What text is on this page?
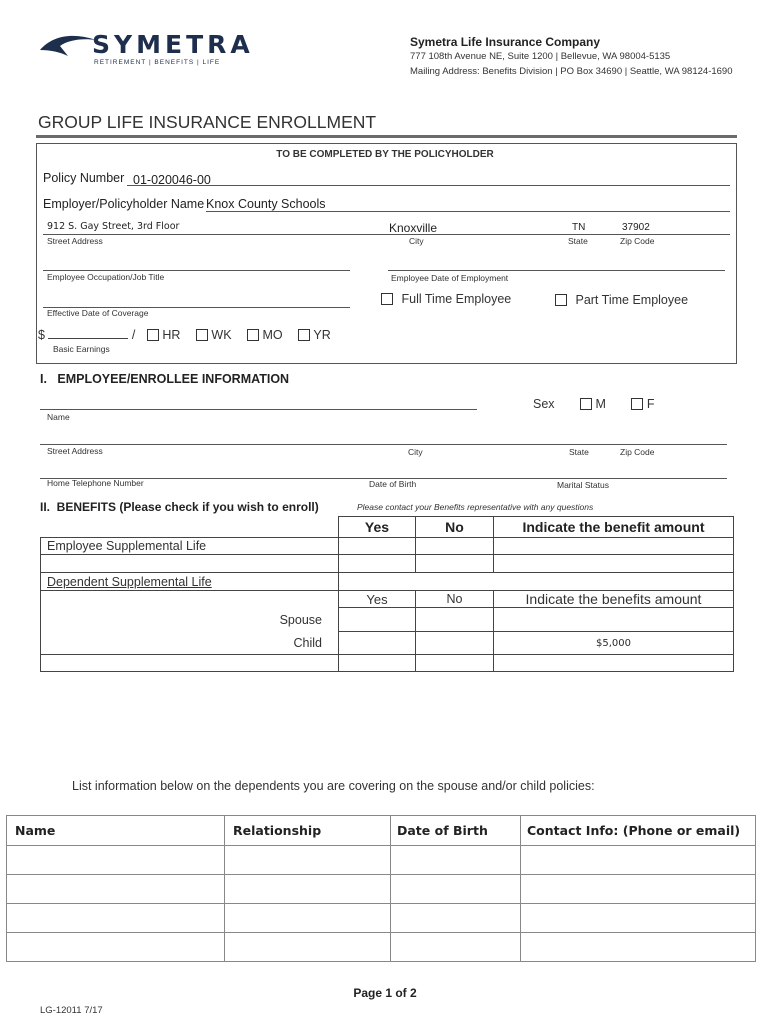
SYMETRA
RETIREMENT | BENEFITS | LIFE
Symetra Life Insurance Company
777 108th Avenue NE, Suite 1200 | Bellevue, WA 98004-5135
Mailing Address: Benefits Division | PO Box 34690 | Seattle, WA 98124-1690
GROUP LIFE INSURANCE ENROLLMENT
TO BE COMPLETED BY THE POLICYHOLDER
Policy Number 01-020046-00
Employer/Policyholder Name Knox County Schools
912 S. Gay Street, 3rd Floor	Knoxville	TN	37902
Street Address	City	State	Zip Code
Employee Occupation/Job Title	Employee Date of Employment
Full Time Employee	Part Time Employee
Effective Date of Coverage
$	/ HR WK MO YR
Basic Earnings
I.   EMPLOYEE/ENROLLEE INFORMATION
Sex	M	F
Name
Street Address	City	State	Zip Code
Home Telephone Number	Date of Birth	Marital Status
II.  BENEFITS (Please check if you wish to enroll)	Please contact your Benefits representative with any questions
	Yes	No	Indicate the benefit amount
Employee Supplemental Life			

Dependent Supplemental Life			
	Yes	No	Indicate the benefits amount
Spouse			
Child			$5,000

List information below on the dependents you are covering on the spouse and/or child policies:
Name	Relationship	Date of Birth	Contact Info: (Phone or email)

Page 1 of 2
LG-12011 7/17
